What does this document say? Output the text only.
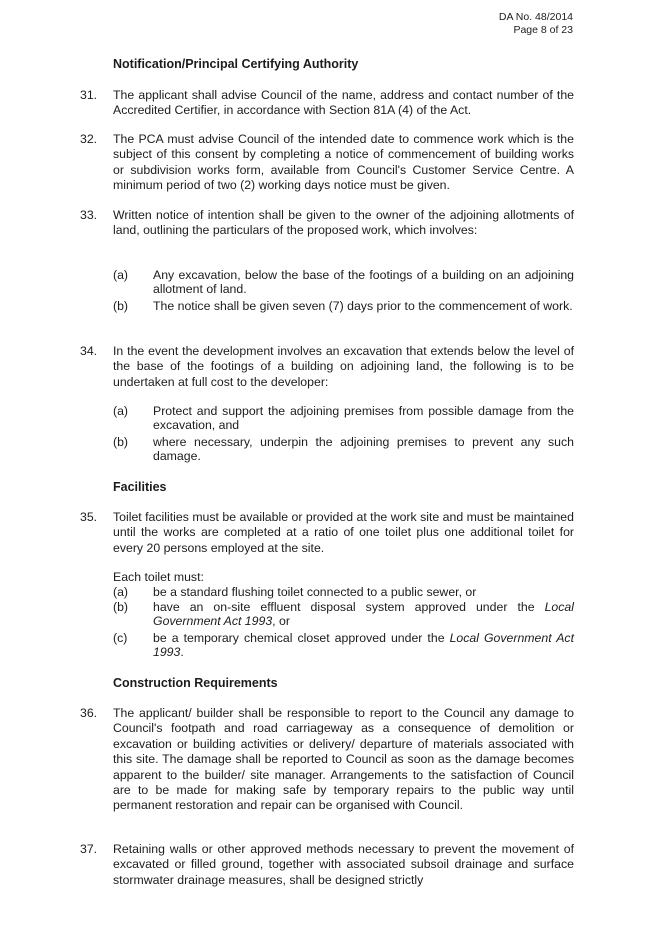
DA No. 48/2014
Page 8 of 23
Notification/Principal Certifying Authority
31. The applicant shall advise Council of the name, address and contact number of the Accredited Certifier, in accordance with Section 81A (4) of the Act.
32. The PCA must advise Council of the intended date to commence work which is the subject of this consent by completing a notice of commencement of building works or subdivision works form, available from Council's Customer Service Centre. A minimum period of two (2) working days notice must be given.
33. Written notice of intention shall be given to the owner of the adjoining allotments of land, outlining the particulars of the proposed work, which involves:
(a) Any excavation, below the base of the footings of a building on an adjoining allotment of land.
(b) The notice shall be given seven (7) days prior to the commencement of work.
34. In the event the development involves an excavation that extends below the level of the base of the footings of a building on adjoining land, the following is to be undertaken at full cost to the developer:
(a) Protect and support the adjoining premises from possible damage from the excavation, and
(b) where necessary, underpin the adjoining premises to prevent any such damage.
Facilities
35. Toilet facilities must be available or provided at the work site and must be maintained until the works are completed at a ratio of one toilet plus one additional toilet for every 20 persons employed at the site.
Each toilet must:
(a) be a standard flushing toilet connected to a public sewer, or
(b) have an on-site effluent disposal system approved under the Local Government Act 1993, or
(c) be a temporary chemical closet approved under the Local Government Act 1993.
Construction Requirements
36. The applicant/ builder shall be responsible to report to the Council any damage to Council's footpath and road carriageway as a consequence of demolition or excavation or building activities or delivery/ departure of materials associated with this site. The damage shall be reported to Council as soon as the damage becomes apparent to the builder/ site manager. Arrangements to the satisfaction of Council are to be made for making safe by temporary repairs to the public way until permanent restoration and repair can be organised with Council.
37. Retaining walls or other approved methods necessary to prevent the movement of excavated or filled ground, together with associated subsoil drainage and surface stormwater drainage measures, shall be designed strictly
